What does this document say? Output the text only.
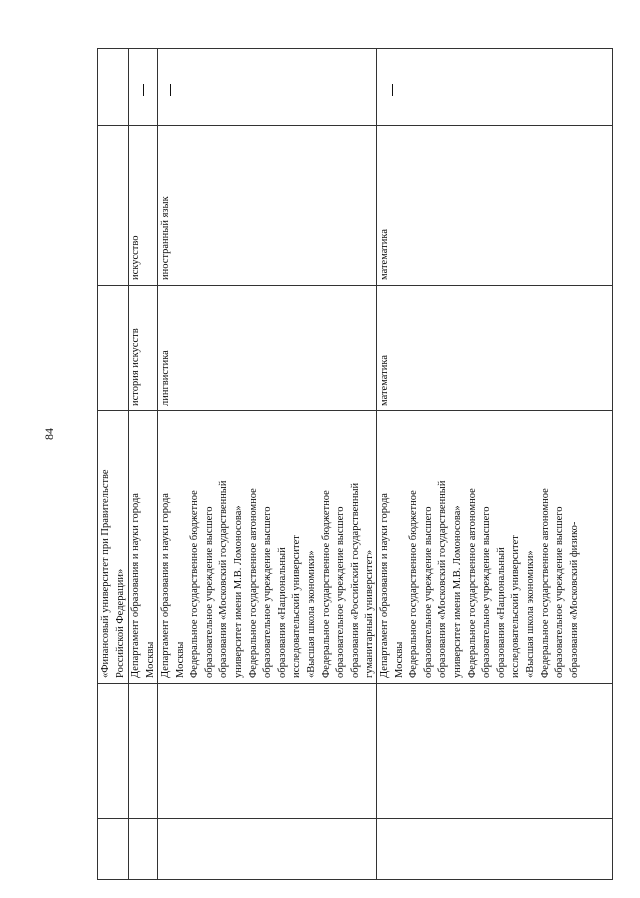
84
«Финансовый университет при Правительстве
Российской Федерации»
Департамент образования и науки города
Москвы
история искусств
искусство
Департамент образования и науки города
Москвы
Федеральное государственное бюджетное
образовательное учреждение высшего
образования «Московский государственный
университет имени М.В. Ломоносова»
Федеральное государственное автономное
образовательное учреждение высшего
образования «Национальный
исследовательский университет
«Высшая школа экономики»
Федеральное государственное бюджетное
образовательное учреждение высшего
образования «Российский государственный
гуманитарный университет»
лингвистика
иностранный язык
Департамент образования и науки города
Москвы
Федеральное государственное бюджетное
образовательное учреждение высшего
образования «Московский государственный
университет имени М.В. Ломоносова»
Федеральное государственное автономное
образовательное учреждение высшего
образования «Национальный
исследовательский университет
«Высшая школа экономики»
Федеральное государственное автономное
образовательное учреждение высшего
образования «Московский физико-
математика
математика
